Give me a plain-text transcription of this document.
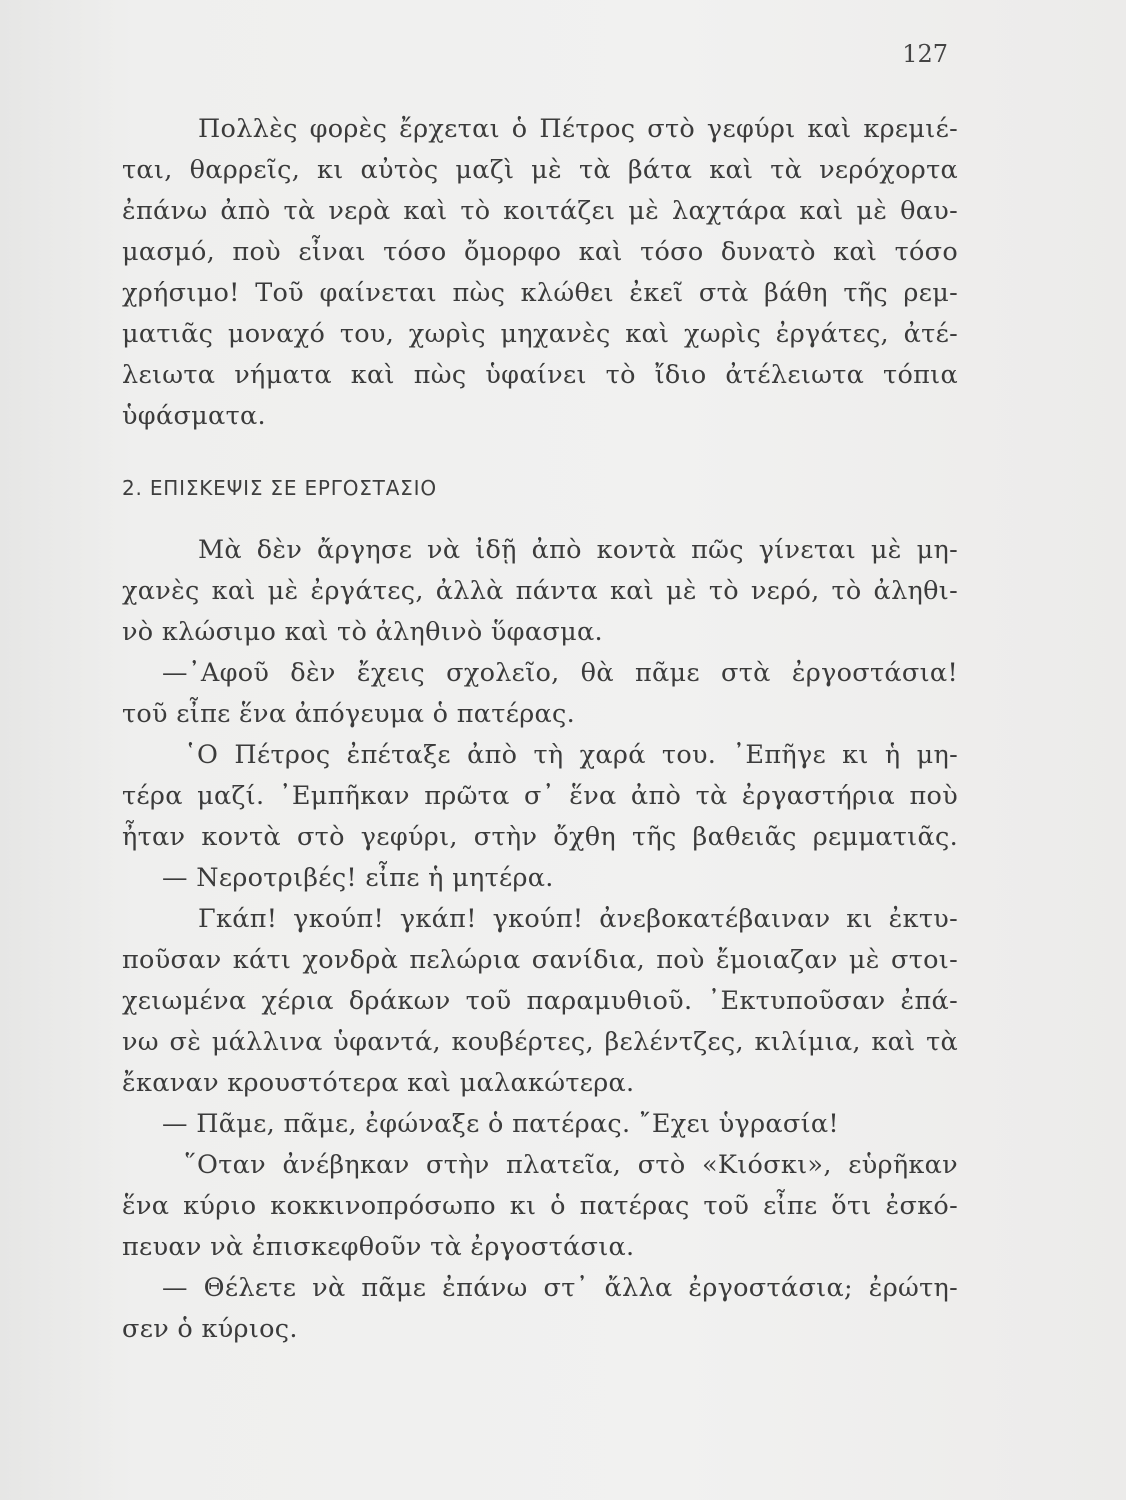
127
Πολλὲς φορὲς ἔρχεται ὁ Πέτρος στὸ γεφύρι καὶ κρεμιέ-
ται, θαρρεῖς, κι αὐτὸς μαζὶ μὲ τὰ βάτα καὶ τὰ νερόχορτα
ἐπάνω ἀπὸ τὰ νερὰ καὶ τὸ κοιτάζει μὲ λαχτάρα καὶ μὲ θαυ-
μασμό, ποὺ εἶναι τόσο ὄμορφο καὶ τόσο δυνατὸ καὶ τόσο
χρήσιμο! Τοῦ φαίνεται πὼς κλώθει ἐκεῖ στὰ βάθη τῆς ρεμ-
ματιᾶς μοναχό του, χωρὶς μηχανὲς καὶ χωρὶς ἐργάτες, ἀτέ-
λειωτα νήματα καὶ πὼς ὑφαίνει τὸ ἴδιο ἀτέλειωτα τόπια
ὑφάσματα.
2. ΕΠΙΣΚΕΨΙΣ ΣΕ ΕΡΓΟΣΤΑΣΙΟ
Μὰ δὲν ἄργησε νὰ ἰδῇ ἀπὸ κοντὰ πῶς γίνεται μὲ μη-
χανὲς καὶ μὲ ἐργάτες, ἀλλὰ πάντα καὶ μὲ τὸ νερό, τὸ ἀληθι-
νὸ κλώσιμο καὶ τὸ ἀληθινὸ ὕφασμα.
—᾿Αφοῦ δὲν ἔχεις σχολεῖο, θὰ πᾶμε στὰ ἐργοστάσια!
τοῦ εἶπε ἕνα ἀπόγευμα ὁ πατέρας.
῾Ο Πέτρος ἐπέταξε ἀπὸ τὴ χαρά του. ᾿Επῆγε κι ἡ μη-
τέρα μαζί. ᾿Εμπῆκαν πρῶτα σ᾿ ἕνα ἀπὸ τὰ ἐργαστήρια ποὺ
ἦταν κοντὰ στὸ γεφύρι, στὴν ὄχθη τῆς βαθειᾶς ρεμματιᾶς.
— Νεροτριβές! εἶπε ἡ μητέρα.
Γκάπ! γκούπ! γκάπ! γκούπ! ἀνεβοκατέβαιναν κι ἐκτυ-
ποῦσαν κάτι χονδρὰ πελώρια σανίδια, ποὺ ἔμοιαζαν μὲ στοι-
χειωμένα χέρια δράκων τοῦ παραμυθιοῦ. ᾿Εκτυποῦσαν ἐπά-
νω σὲ μάλλινα ὑφαντά, κουβέρτες, βελέντζες, κιλίμια, καὶ τὰ
ἔκαναν κρουστότερα καὶ μαλακώτερα.
— Πᾶμε, πᾶμε, ἐφώναξε ὁ πατέρας. ῎Εχει ὑγρασία!
῞Οταν ἀνέβηκαν στὴν πλατεῖα, στὸ «Κιόσκι», εὑρῆκαν
ἕνα κύριο κοκκινοπρόσωπο κι ὁ πατέρας τοῦ εἶπε ὅτι ἐσκό-
πευαν νὰ ἐπισκεφθοῦν τὰ ἐργοστάσια.
— Θέλετε νὰ πᾶμε ἐπάνω στ᾿ ἄλλα ἐργοστάσια; ἐρώτη-
σεν ὁ κύριος.
